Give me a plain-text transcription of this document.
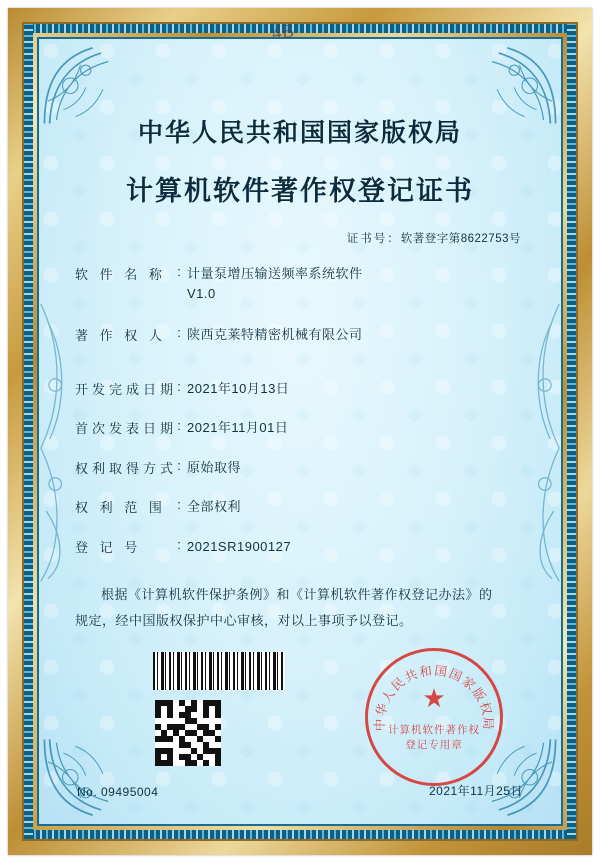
4B
中华人民共和国国家版权局
计算机软件著作权登记证书
证书号：软著登字第8622753号
软 件 名 称 : 计量泵增压输送频率系统软件
V1.0
著 作 权 人 : 陕西克莱特精密机械有限公司
开发完成日期 : 2021年10月13日
首次发表日期 : 2021年11月01日
权利取得方式 : 原始取得
权 利 范 围 : 全部权利
登 记 号	: 2021SR1900127
根据《计算机软件保护条例》和《计算机软件著作权登记办法》的
规定，经中国版权保护中心审核，对以上事项予以登记。
中华人民共和国国家版权局
★
计算机软件著作权
登记专用章
No. 09495004	2021年11月25日
